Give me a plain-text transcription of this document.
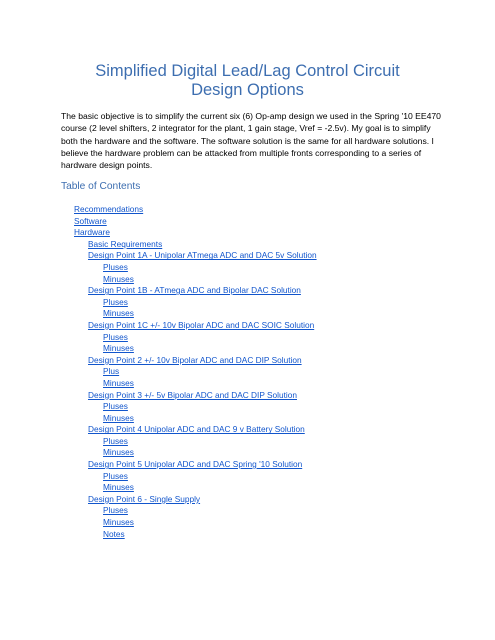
Simplified Digital Lead/Lag Control Circuit
Design Options

The basic objective is to simplify the current six (6) Op-amp design we used in the Spring '10 EE470 course (2 level shifters, 2 integrator for the plant, 1 gain stage, Vref = -2.5v). My goal is to simplify both the hardware and the software. The software solution is the same for all hardware solutions. I believe the hardware problem can be attacked from multiple fronts corresponding to a series of hardware design points.

Table of Contents
Recommendations
Software
Hardware
Basic Requirements
Design Point 1A - Unipolar ATmega ADC and DAC 5v Solution
Pluses
Minuses
Design Point 1B - ATmega ADC and Bipolar DAC Solution
Pluses
Minuses
Design Point 1C +/- 10v Bipolar ADC and DAC SOIC Solution
Pluses
Minuses
Design Point 2 +/- 10v Bipolar ADC and DAC DIP Solution
Plus
Minuses
Design Point 3 +/- 5v Bipolar ADC and DAC DIP Solution
Pluses
Minuses
Design Point 4 Unipolar ADC and DAC 9 v Battery Solution
Pluses
Minuses
Design Point 5 Unipolar ADC and DAC Spring '10 Solution
Pluses
Minuses
Design Point 6 - Single Supply
Pluses
Minuses
Notes
